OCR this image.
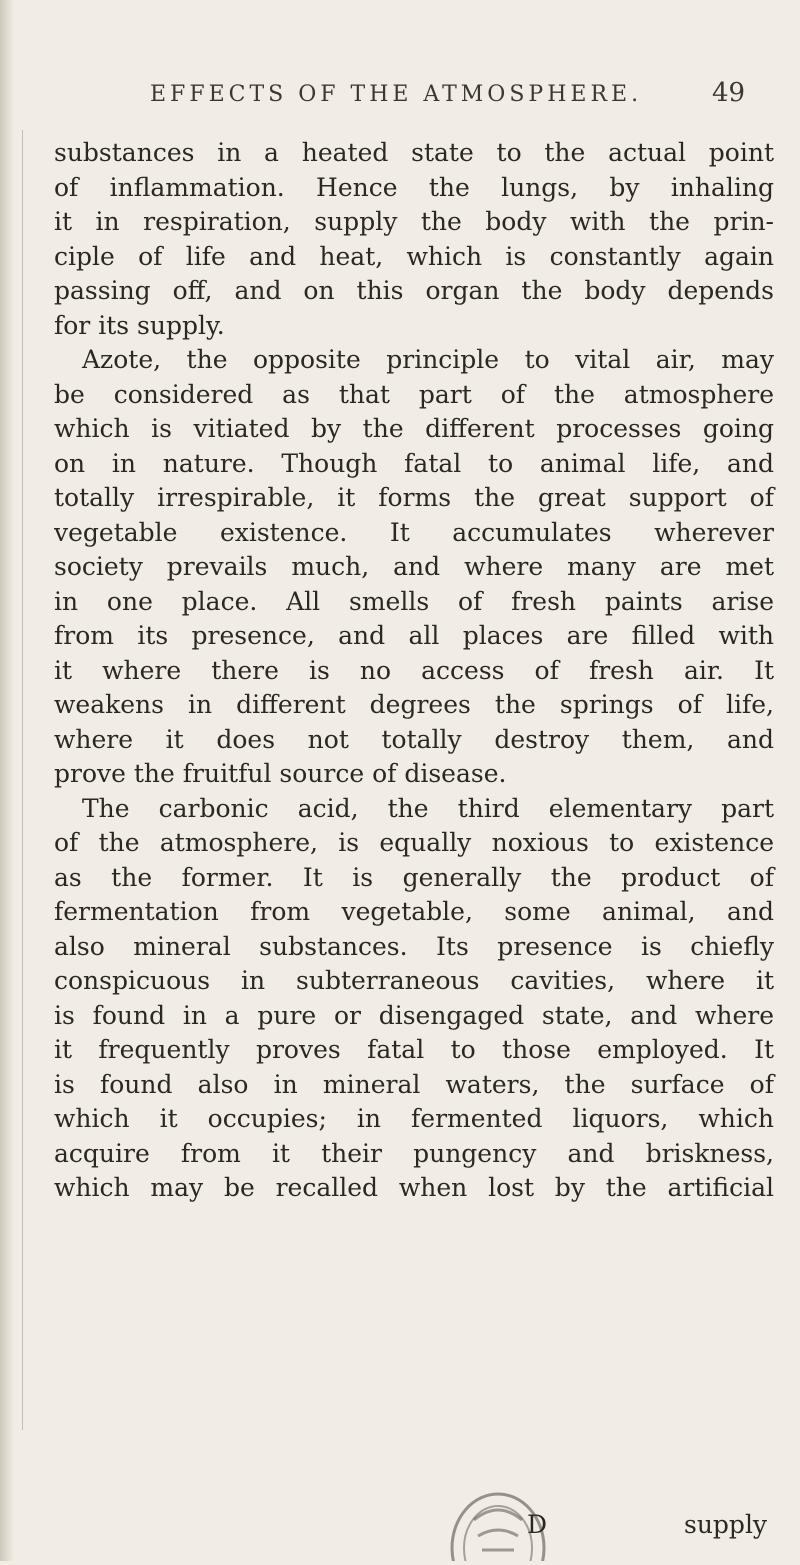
EFFECTS OF THE ATMOSPHERE.	49
substances in a heated state to the actual point
of inflammation. Hence the lungs, by inhaling
it in respiration, supply the body with the prin-
ciple of life and heat, which is constantly again
passing off, and on this organ the body depends
for its supply.
Azote, the opposite principle to vital air, may
be considered as that part of the atmosphere
which is vitiated by the different processes going
on in nature. Though fatal to animal life, and
totally irrespirable, it forms the great support of
vegetable existence. It accumulates wherever
society prevails much, and where many are met
in one place. All smells of fresh paints arise
from its presence, and all places are filled with
it where there is no access of fresh air. It
weakens in different degrees the springs of life,
where it does not totally destroy them, and
prove the fruitful source of disease.
The carbonic acid, the third elementary part
of the atmosphere, is equally noxious to existence
as the former. It is generally the product of
fermentation from vegetable, some animal, and
also mineral substances. Its presence is chiefly
conspicuous in subterraneous cavities, where it
is found in a pure or disengaged state, and where
it frequently proves fatal to those employed. It
is found also in mineral waters, the surface of
which it occupies; in fermented liquors, which
acquire from it their pungency and briskness,
which may be recalled when lost by the artificial
D	supply
